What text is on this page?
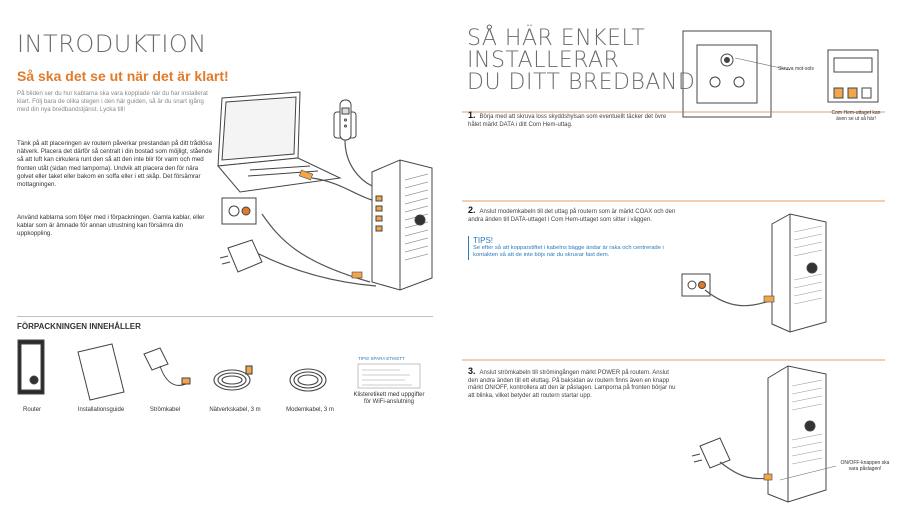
INTRODUKTION
Så ska det se ut när det är klart!
På bilden ser du hur kablarna ska vara kopplade när du har installerat klart. Följ bara de olika stegen i den här guiden, så är du snart igång med din nya bredbandstjänst. Lycka till!
Tänk på att placeringen av routern påverkar prestandan på ditt trådlösa nätverk. Placera det därför så centralt i din bostad som möjligt, stående så att luft kan cirkulera runt den så att den inte blir för varm och med fronten utåt (sidan med lamporna). Undvik att placera den för nära golvet eller taket eller bakom en soffa eller i ett skåp. Det försämrar mottagningen.
Använd kablarna som följer med i förpackningen. Gamla kablar, eller kablar som är ämnade för annan utrustning kan försämra din uppkoppling.
FÖRPACKNINGEN INNEHÅLLER
Router	Installationsguide	Strömkabel	Nätverkskabel, 3 m	Modemkabel, 3 m
TIPS! SPARA ETIKETT
Klisteretikett med uppgifter för WiFi-anslutning
SÅ HÄR ENKELT
INSTALLERAR
DU DITT BREDBAND
1. Börja med att skruva loss skyddshylsan som eventuellt täcker det övre hålet märkt DATA i ditt Com Hem-uttag.
Skruva mot-sols
Com Hem-uttaget kan även se ut så här!
2. Anslut modemkabeln till det uttag på routern som är märkt COAX och den andra änden till DATA-uttaget i Com Hem-uttaget som sitter i väggen.
TIPS!
Se efter så att kopparstiftet i kabelns bägge ändar är raka och centrerade i kontakten så att de inte böjs när du skruvar fast dem.
3. Anslut strömkabeln till strömingången märkt POWER på routern. Anslut den andra änden till ett eluttag. På baksidan av routern finns även en knapp märkt ON/OFF, kontrollera att den är påslagen. Lamporna på fronten börjar nu att blinka, vilket betyder att routern startar upp.
ON/OFF-knappen ska vara påslagen!
